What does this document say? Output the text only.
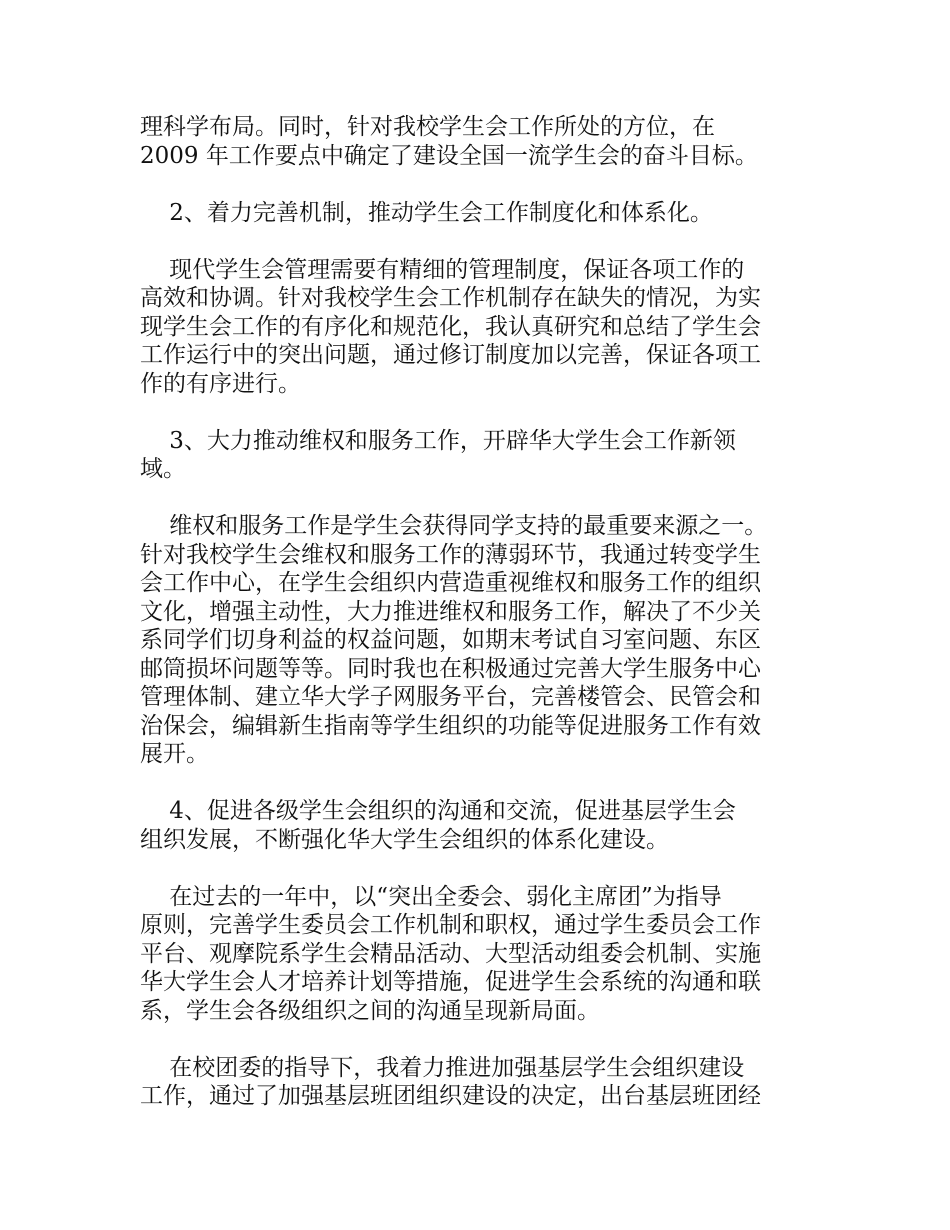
理科学布局。同时，针对我校学生会工作所处的方位，在
2009 年工作要点中确定了建设全国一流学生会的奋斗目标。
2、着力完善机制，推动学生会工作制度化和体系化。
现代学生会管理需要有精细的管理制度，保证各项工作的
高效和协调。针对我校学生会工作机制存在缺失的情况，为实
现学生会工作的有序化和规范化，我认真研究和总结了学生会
工作运行中的突出问题，通过修订制度加以完善，保证各项工
作的有序进行。
3、大力推动维权和服务工作，开辟华大学生会工作新领
域。
维权和服务工作是学生会获得同学支持的最重要来源之一。
针对我校学生会维权和服务工作的薄弱环节，我通过转变学生
会工作中心，在学生会组织内营造重视维权和服务工作的组织
文化，增强主动性，大力推进维权和服务工作，解决了不少关
系同学们切身利益的权益问题，如期末考试自习室问题、东区
邮筒损坏问题等等。同时我也在积极通过完善大学生服务中心
管理体制、建立华大学子网服务平台，完善楼管会、民管会和
治保会，编辑新生指南等学生组织的功能等促进服务工作有效
展开。
4、促进各级学生会组织的沟通和交流，促进基层学生会
组织发展，不断强化华大学生会组织的体系化建设。
在过去的一年中，以“突出全委会、弱化主席团”为指导
原则，完善学生委员会工作机制和职权，通过学生委员会工作
平台、观摩院系学生会精品活动、大型活动组委会机制、实施
华大学生会人才培养计划等措施，促进学生会系统的沟通和联
系，学生会各级组织之间的沟通呈现新局面。
在校团委的指导下，我着力推进加强基层学生会组织建设
工作，通过了加强基层班团组织建设的决定，出台基层班团经
